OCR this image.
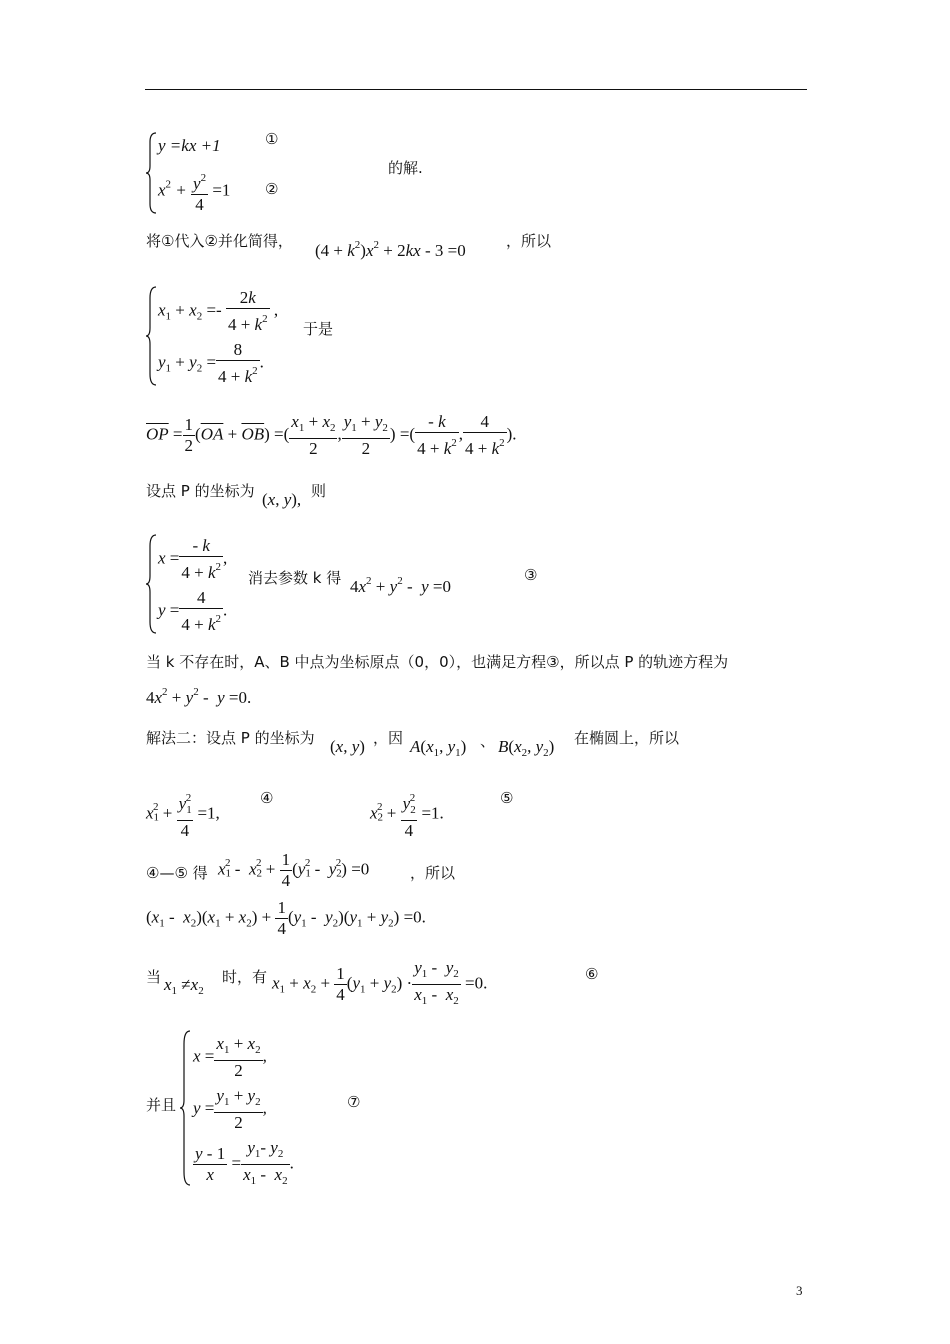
y =kx +1	①
$x^2 + \frac{y^2}{4} =1$ ②
的解.
将①代入②并化简得， $(4 + k^2)x^2 + 2kx - 3 =0$	，所以
$x_1 + x_2 =- \frac{2k}{4 + k^2}$ ,
于是
$y_1 + y_2 = \frac{8}{4 + k^2}$ .
$\overline{OP} = \frac{1}{2} (\overline{OA} + \overline{OB})$ =( $\frac{x_1 + x_2}{2}$ , $\frac{y_1 + y_2}{2}$ ) =( $\frac{- k}{4 + k^2}$ , $\frac{4}{4 + k^2}$ ).
设点 P 的坐标为 (x, y), 则
$x = \frac{- k}{4 + k^2}$ ,
消去参数 k 得 $4x^2 + y^2 - y =0$
③
$y = \frac{4}{4 + k^2}$ .
当 k 不存在时，A、B 中点为坐标原点（0，0），也满足方程③，所以点 P 的轨迹方程为
$4x^2 + y^2 - y =0$.
解法二：设点 P 的坐标为 (x, y) ，因 $A(x_1$, $y_1$) 、 $B(x_2$, $y_2$) 在椭圆上，所以
$x1^2 + \frac{y_1^2}{4} =1$,
④
$x2^2 + \frac{y_2^2}{4} =1$.
⑤
④—⑤ 得 $x1^2 - x2^2 + \frac{1}{4} (y1^2 - y2^2) =0$	，所以
$(x_1 - x_2)(x_1 + x_2) + \frac{1}{4} (y_1 - y_2)(y_1 + y_2) =0$.
当 $x_1 \ne x_2$
时，有 $x_1 + x_2 + \frac{1}{4} (y_1 + y_2) \cdot \frac{y_1 - y_2}{x_1 - x_2} =0$.	⑥
并且
$x = \frac{x_1 + x_2}{2}$ ,
$y = \frac{y_1 + y_2}{2}$ ,	⑦
$\frac{y - 1}{x} = \frac{y_1- y_2}{x_1 - x_2}$ .
3
